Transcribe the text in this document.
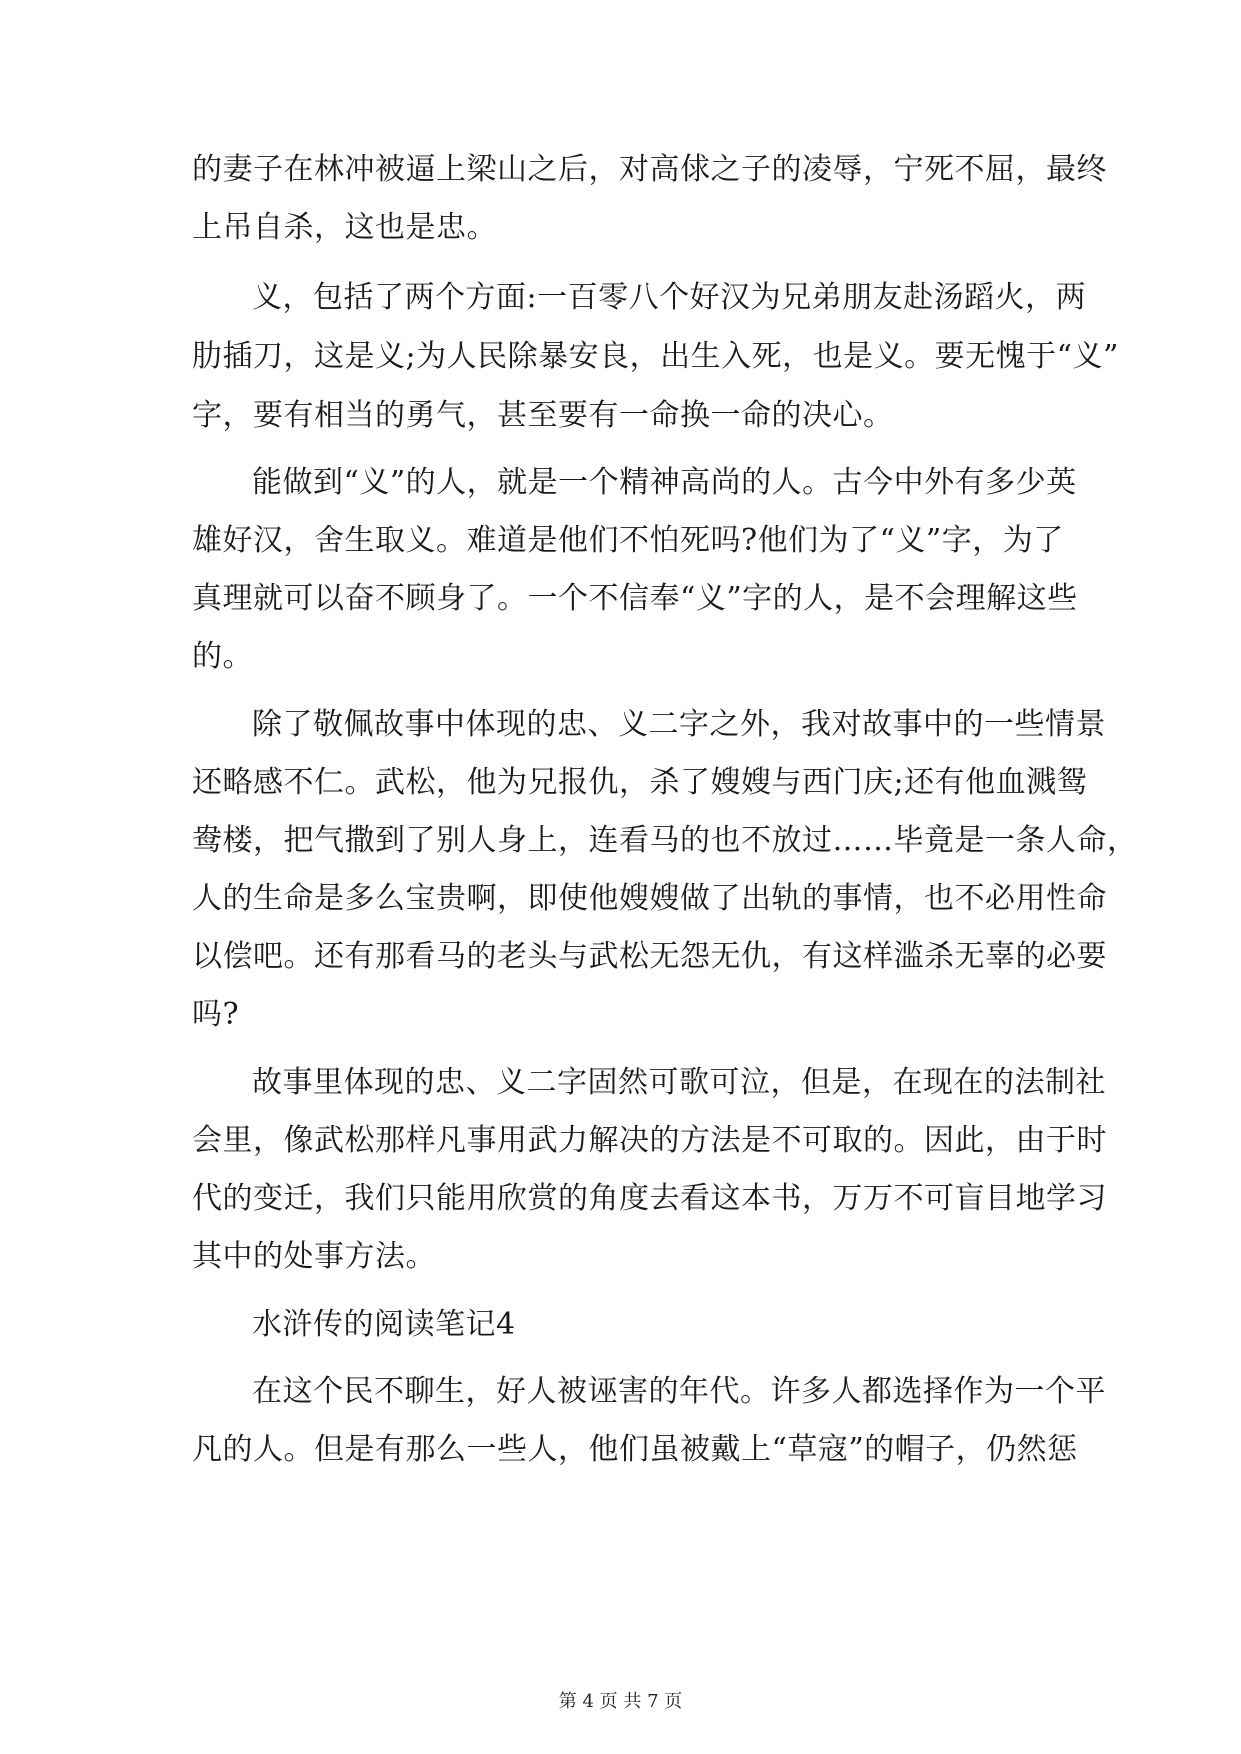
的妻子在林冲被逼上梁山之后，对高俅之子的凌辱，宁死不屈，最终
上吊自杀，这也是忠。
义，包括了两个方面:一百零八个好汉为兄弟朋友赴汤蹈火，两
肋插刀，这是义;为人民除暴安良，出生入死，也是义。要无愧于“义”
字，要有相当的勇气，甚至要有一命换一命的决心。
能做到“义”的人，就是一个精神高尚的人。古今中外有多少英
雄好汉，舍生取义。难道是他们不怕死吗?他们为了“义”字，为了
真理就可以奋不顾身了。一个不信奉“义”字的人，是不会理解这些
的。
除了敬佩故事中体现的忠、义二字之外，我对故事中的一些情景
还略感不仁。武松，他为兄报仇，杀了嫂嫂与西门庆;还有他血溅鸳
鸯楼，把气撒到了别人身上，连看马的也不放过……毕竟是一条人命，
人的生命是多么宝贵啊，即使他嫂嫂做了出轨的事情，也不必用性命
以偿吧。还有那看马的老头与武松无怨无仇，有这样滥杀无辜的必要
吗?
故事里体现的忠、义二字固然可歌可泣，但是，在现在的法制社
会里，像武松那样凡事用武力解决的方法是不可取的。因此，由于时
代的变迁，我们只能用欣赏的角度去看这本书，万万不可盲目地学习
其中的处事方法。
水浒传的阅读笔记4
在这个民不聊生，好人被诬害的年代。许多人都选择作为一个平
凡的人。但是有那么一些人，他们虽被戴上“草寇”的帽子，仍然惩
第 4 页 共 7 页
